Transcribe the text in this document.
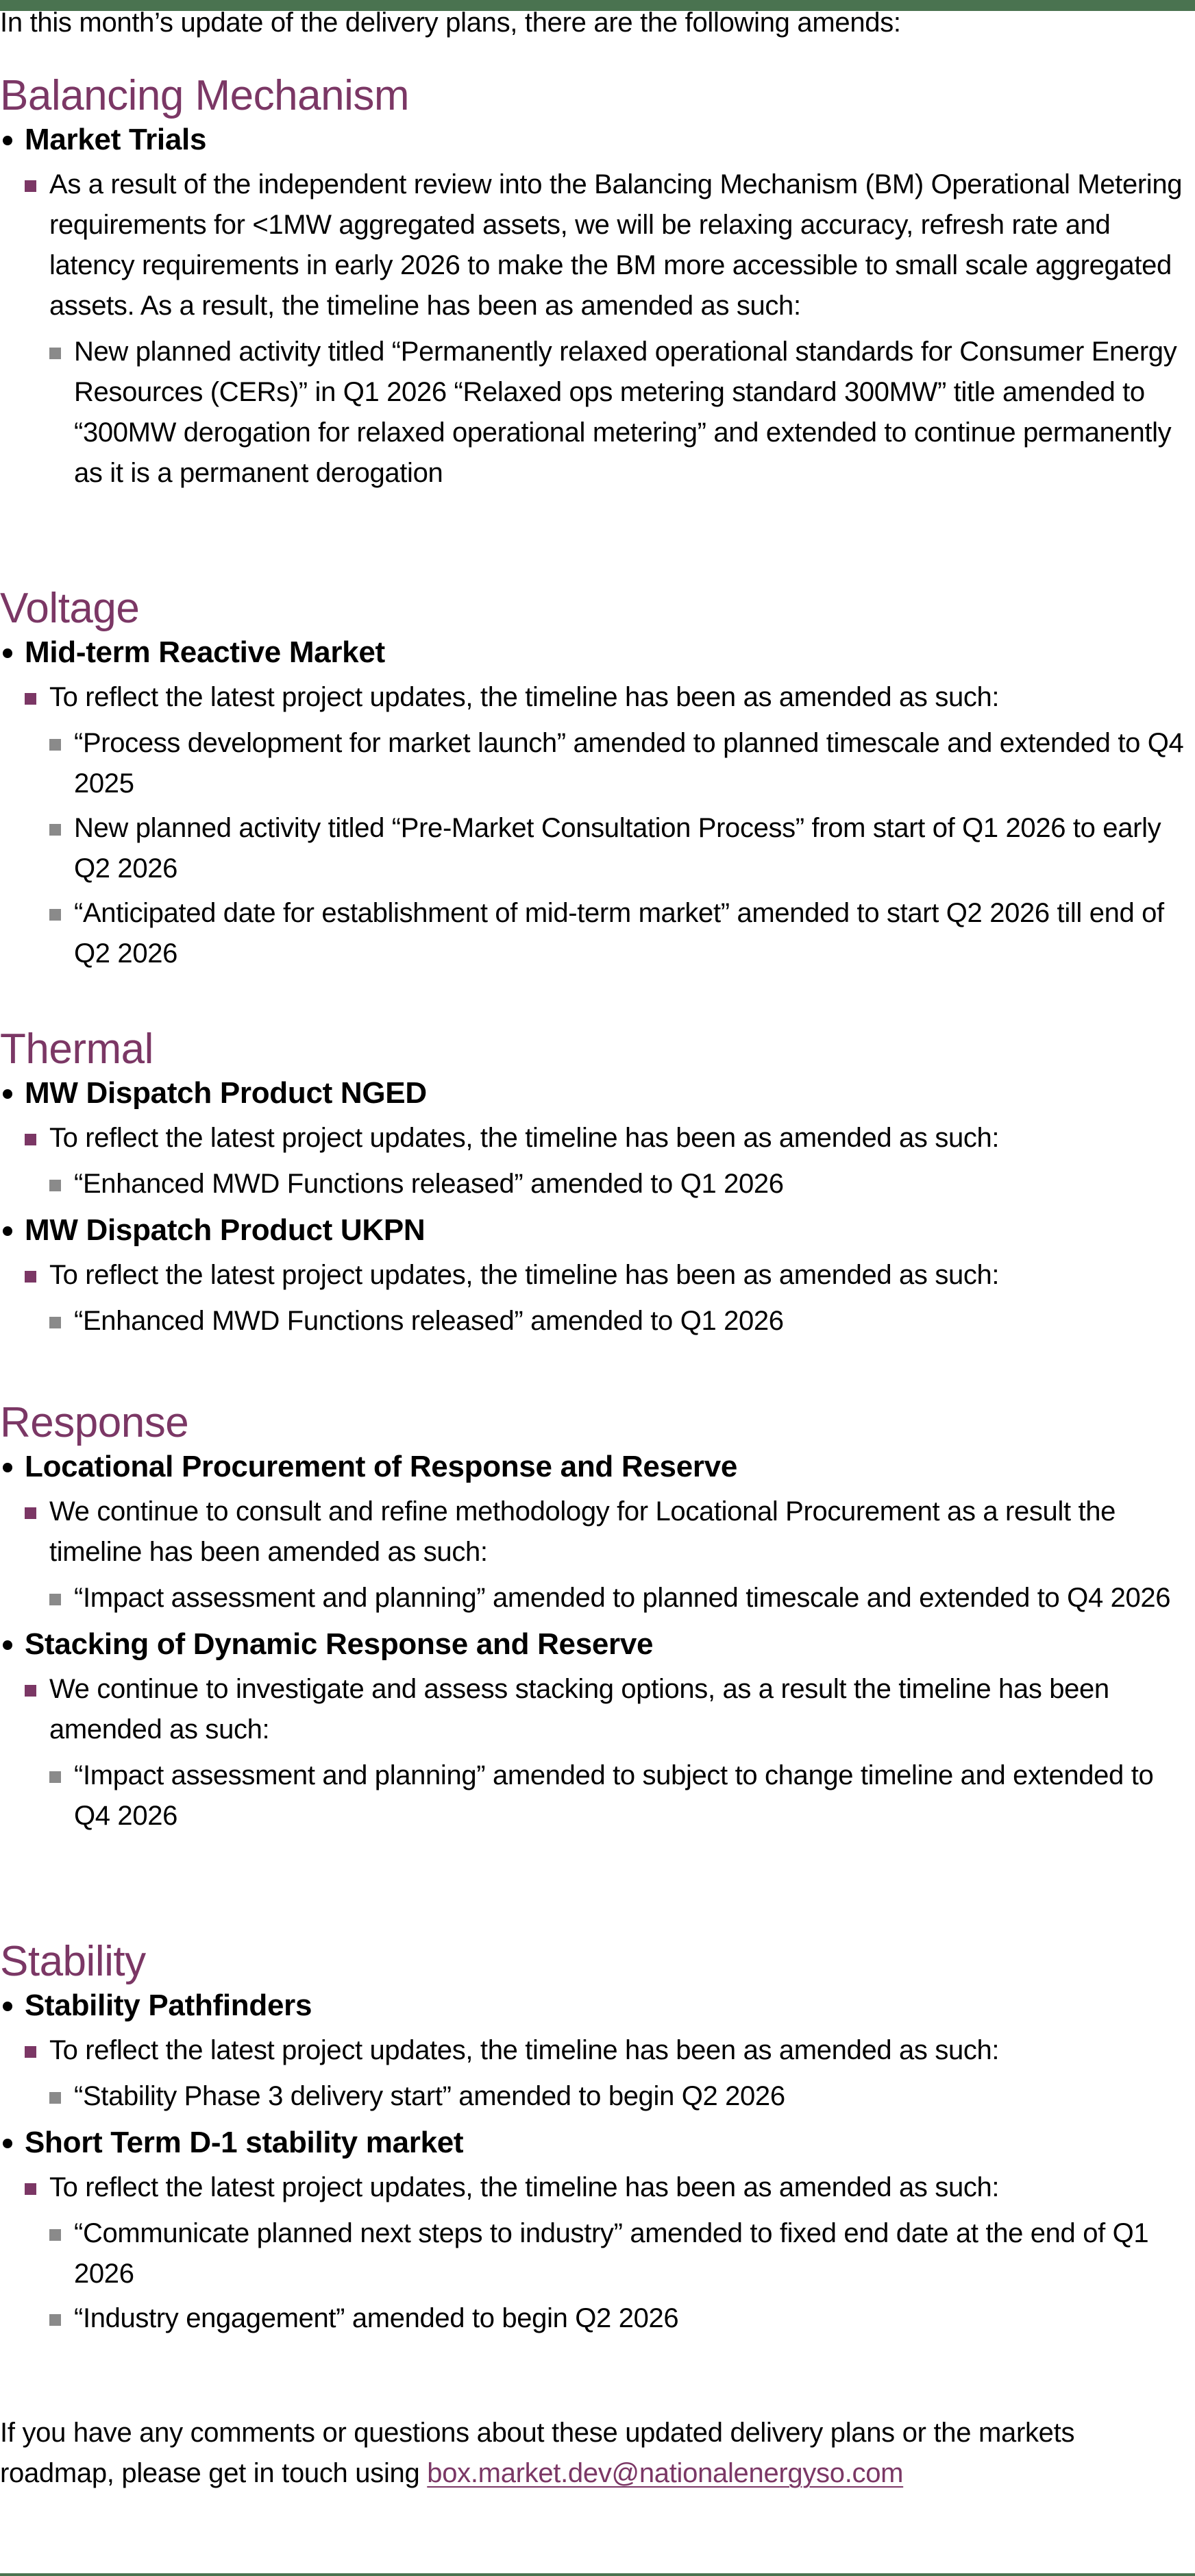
In this month’s update of the delivery plans, there are the following amends:
Balancing Mechanism
Market Trials
As a result of the independent review into the Balancing Mechanism (BM) Operational Metering requirements for <1MW aggregated assets, we will be relaxing accuracy, refresh rate and latency requirements in early 2026 to make the BM more accessible to small scale aggregated assets. As a result, the timeline has been as amended as such:
New planned activity titled “Permanently relaxed operational standards for Consumer Energy Resources (CERs)” in Q1 2026 “Relaxed ops metering standard 300MW” title amended to “300MW derogation for relaxed operational metering” and extended to continue permanently as it is a permanent derogation
Voltage
Mid-term Reactive Market
To reflect the latest project updates, the timeline has been as amended as such:
“Process development for market launch” amended to planned timescale and extended to Q4 2025
New planned activity titled “Pre-Market Consultation Process” from start of Q1 2026 to early Q2 2026
“Anticipated date for establishment of mid-term market” amended to start Q2 2026 till end of Q2 2026
Thermal
MW Dispatch Product NGED
To reflect the latest project updates, the timeline has been as amended as such:
“Enhanced MWD Functions released” amended to Q1 2026
MW Dispatch Product UKPN
To reflect the latest project updates, the timeline has been as amended as such:
“Enhanced MWD Functions released” amended to Q1 2026
Response
Locational Procurement of Response and Reserve
We continue to consult and refine methodology for Locational Procurement as a result the timeline has been amended as such:
“Impact assessment and planning” amended to planned timescale and extended to Q4 2026
Stacking of Dynamic Response and Reserve
We continue to investigate and assess stacking options, as a result the timeline has been amended as such:
“Impact assessment and planning” amended to subject to change timeline and extended to Q4 2026
Stability
Stability Pathfinders
To reflect the latest project updates, the timeline has been as amended as such:
“Stability Phase 3 delivery start” amended to begin Q2 2026
Short Term D-1 stability market
To reflect the latest project updates, the timeline has been as amended as such:
“Communicate planned next steps to industry” amended to fixed end date at the end of Q1 2026
“Industry engagement” amended to begin Q2 2026
If you have any comments or questions about these updated delivery plans or the markets roadmap, please get in touch using box.market.dev@nationalenergyso.com
